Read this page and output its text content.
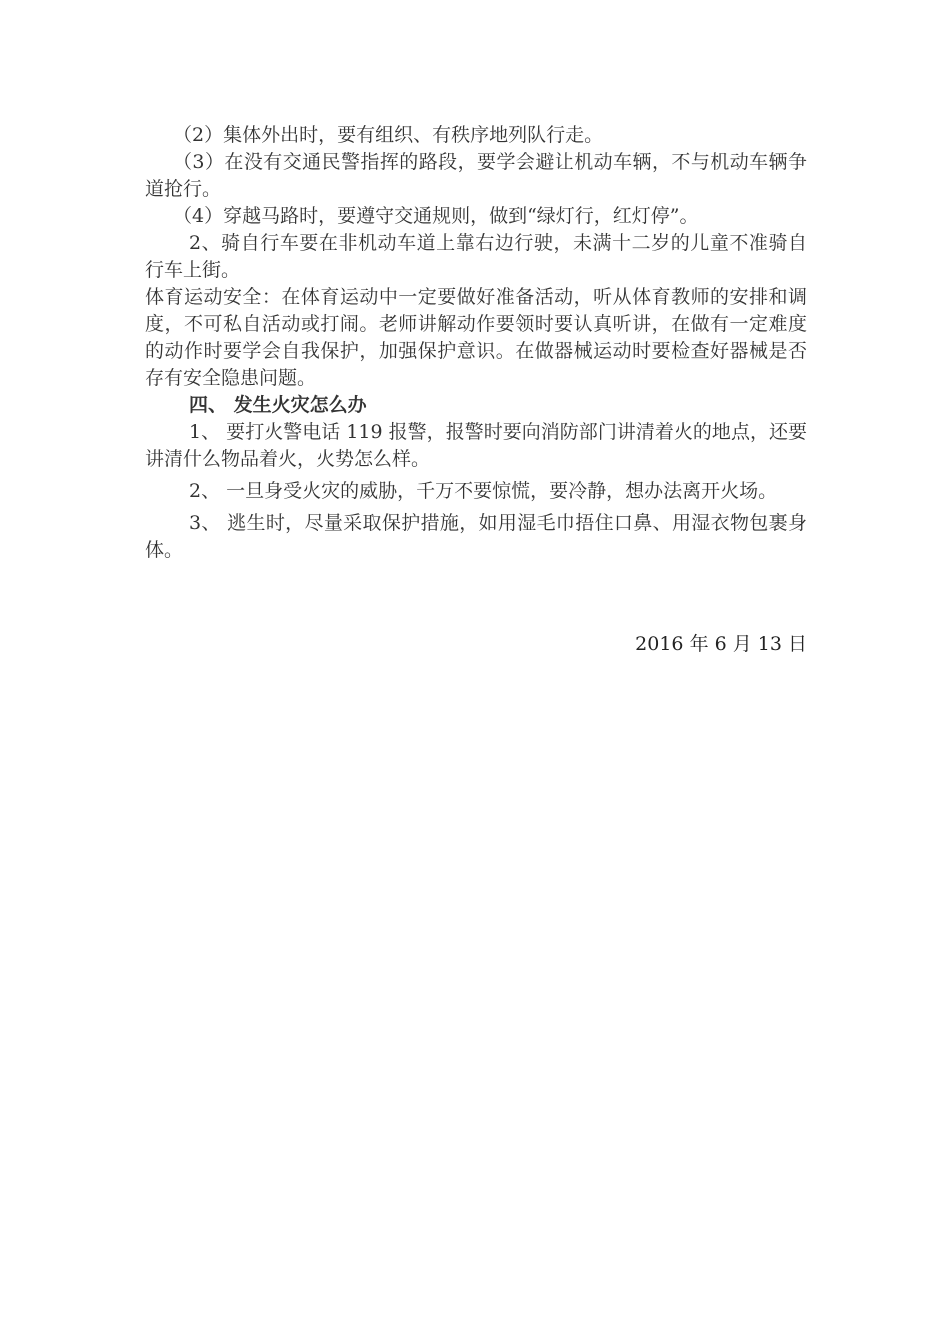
（2）集体外出时，要有组织、有秩序地列队行走。

（3）在没有交通民警指挥的路段，要学会避让机动车辆，不与机动车辆争道抢行。

（4）穿越马路时，要遵守交通规则，做到“绿灯行，红灯停”。

2、骑自行车要在非机动车道上靠右边行驶，未满十二岁的儿童不准骑自行车上街。

体育运动安全：在体育运动中一定要做好准备活动，听从体育教师的安排和调度，不可私自活动或打闹。老师讲解动作要领时要认真听讲，在做有一定难度的动作时要学会自我保护，加强保护意识。在做器械运动时要检查好器械是否存有安全隐患问题。

四、 发生火灾怎么办

1、 要打火警电话 119 报警，报警时要向消防部门讲清着火的地点，还要讲清什么物品着火，火势怎么样。

2、 一旦身受火灾的威胁，千万不要惊慌，要冷静，想办法离开火场。

3、 逃生时，尽量采取保护措施，如用湿毛巾捂住口鼻、用湿衣物包裹身体。

2016 年 6 月 13 日
